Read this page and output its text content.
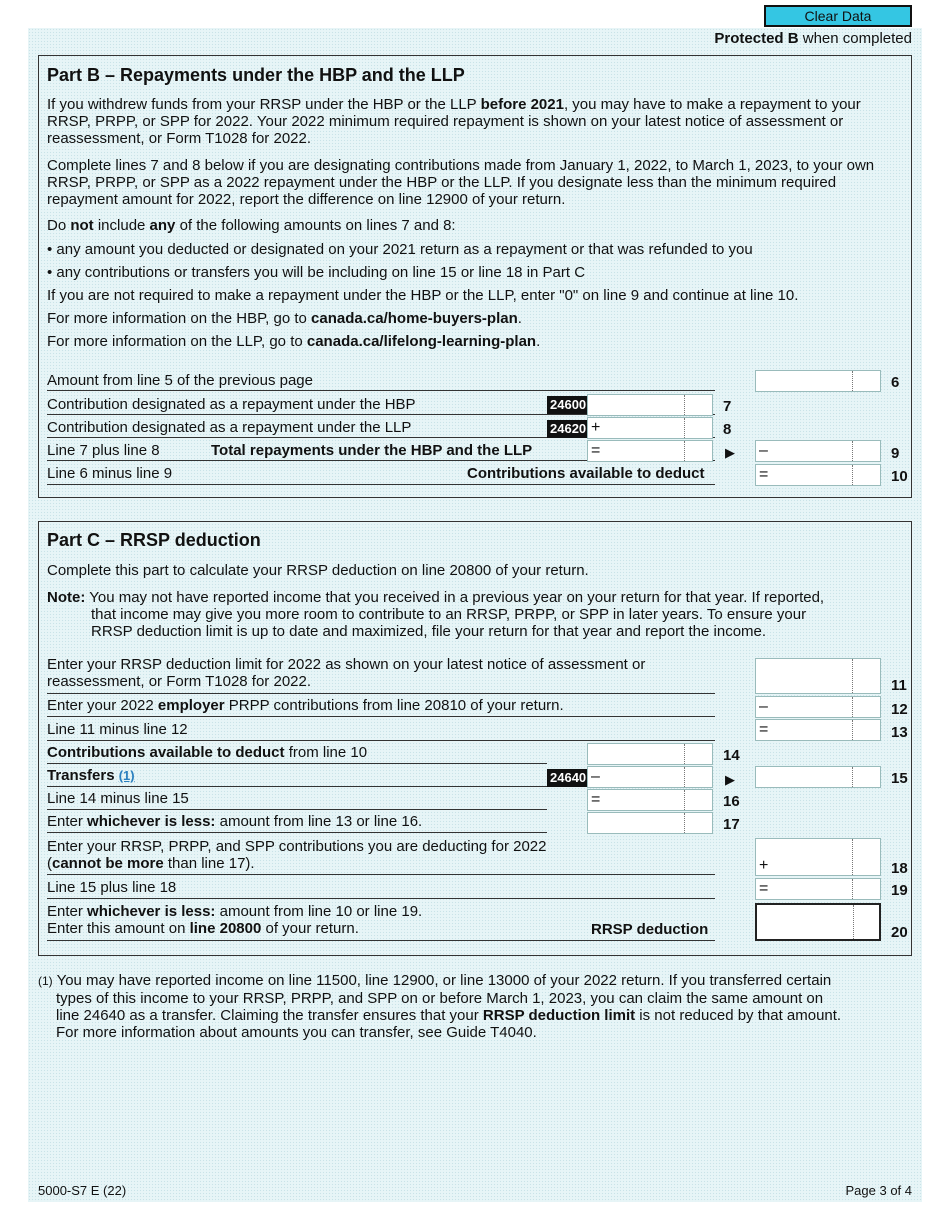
Clear Data
Protected B when completed
Part B – Repayments under the HBP and the LLP
If you withdrew funds from your RRSP under the HBP or the LLP before 2021, you may have to make a repayment to your RRSP, PRPP, or SPP for 2022. Your 2022 minimum required repayment is shown on your latest notice of assessment or reassessment, or Form T1028 for 2022.
Complete lines 7 and 8 below if you are designating contributions made from January 1, 2022, to March 1, 2023, to your own RRSP, PRPP, or SPP as a 2022 repayment under the HBP or the LLP. If you designate less than the minimum required repayment amount for 2022, report the difference on line 12900 of your return.
Do not include any of the following amounts on lines 7 and 8:
• any amount you deducted or designated on your 2021 return as a repayment or that was refunded to you
• any contributions or transfers you will be including on line 15 or line 18 in Part C
If you are not required to make a repayment under the HBP or the LLP, enter "0" on line 9 and continue at line 10.
For more information on the HBP, go to canada.ca/home-buyers-plan.
For more information on the LLP, go to canada.ca/lifelong-learning-plan.
Amount from line 5 of the previous page	6
Contribution designated as a repayment under the HBP	24600	7
Contribution designated as a repayment under the LLP	24620 +	8
Line 7 plus line 8	Total repayments under the HBP and the LLP	=	▶ –	9
Line 6 minus line 9	Contributions available to deduct	=	10
Part C – RRSP deduction
Complete this part to calculate your RRSP deduction on line 20800 of your return.
Note: You may not have reported income that you received in a previous year on your return for that year. If reported,
that income may give you more room to contribute to an RRSP, PRPP, or SPP in later years. To ensure your
RRSP deduction limit is up to date and maximized, file your return for that year and report the income.
Enter your RRSP deduction limit for 2022 as shown on your latest notice of assessment or
reassessment, or Form T1028 for 2022.	11
Enter your 2022 employer PRPP contributions from line 20810 of your return.	–	12
Line 11 minus line 12	=	13
Contributions available to deduct from line 10	14
Transfers (1)	24640 –	▶	15
Line 14 minus line 15	=	16
Enter whichever is less: amount from line 13 or line 16.	17
Enter your RRSP, PRPP, and SPP contributions you are deducting for 2022
(cannot be more than line 17).	+	18
Line 15 plus line 18	=	19
Enter whichever is less: amount from line 10 or line 19.
Enter this amount on line 20800 of your return.	RRSP deduction	20
(1) You may have reported income on line 11500, line 12900, or line 13000 of your 2022 return. If you transferred certain
types of this income to your RRSP, PRPP, and SPP on or before March 1, 2023, you can claim the same amount on
line 24640 as a transfer. Claiming the transfer ensures that your RRSP deduction limit is not reduced by that amount.
For more information about amounts you can transfer, see Guide T4040.
5000-S7 E (22)	Page 3 of 4
